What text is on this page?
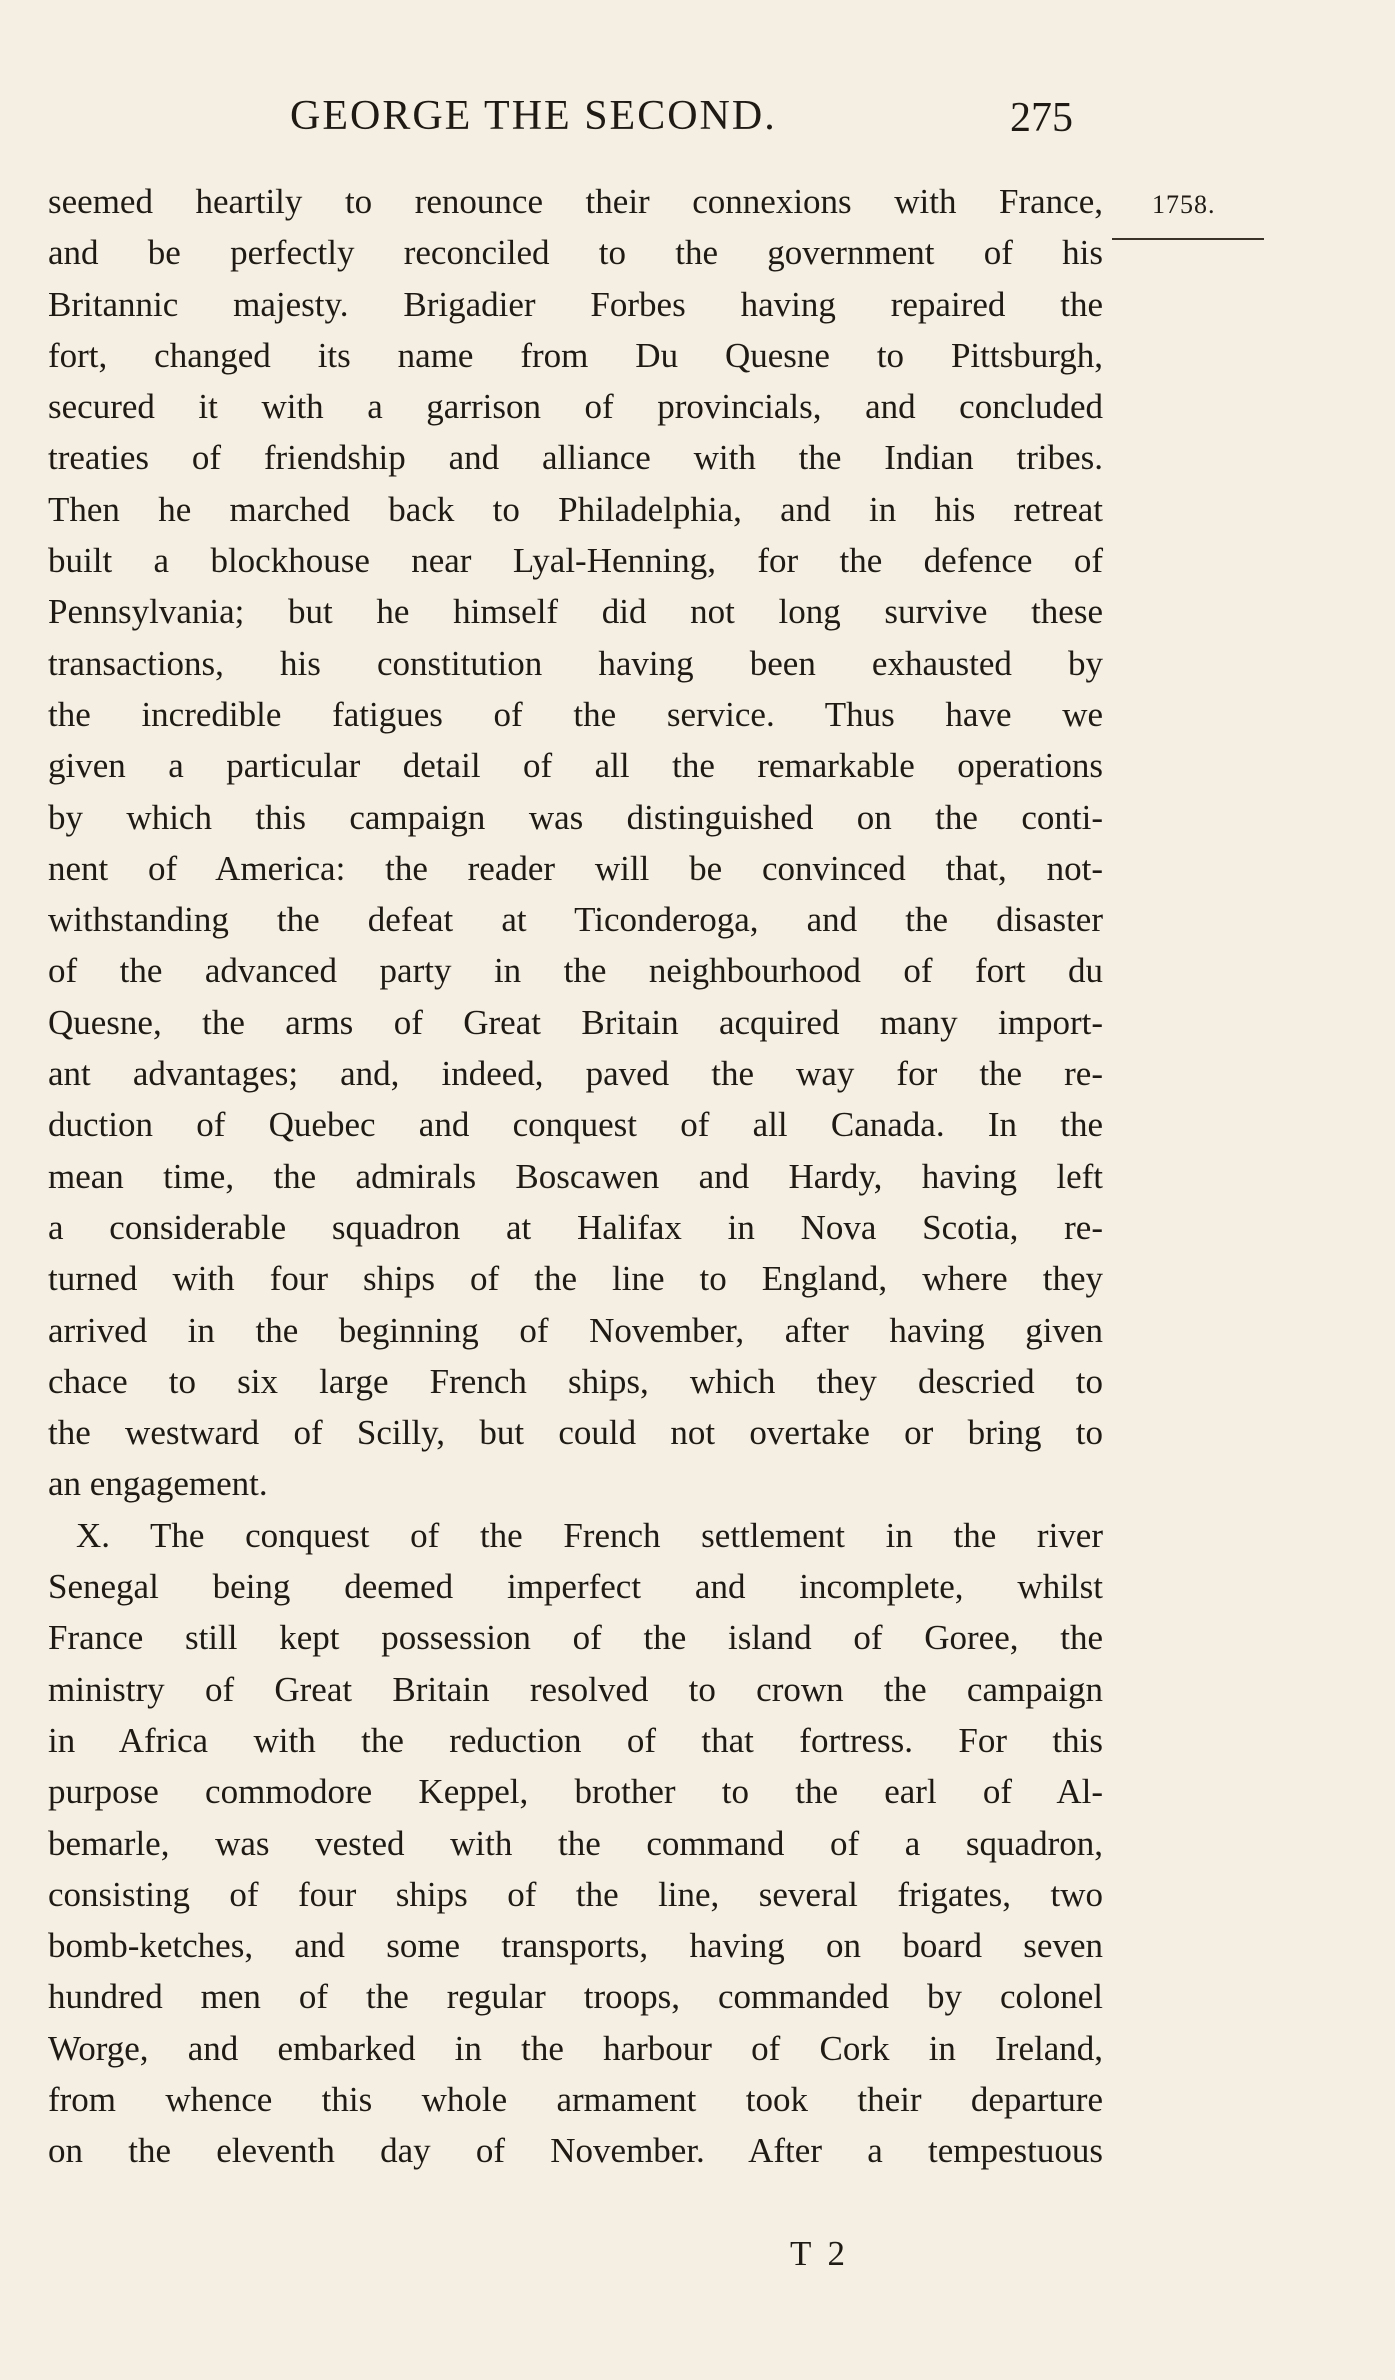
GEORGE THE SECOND.	275
1758.
seemed heartily to renounce their connexions with France,
and be perfectly reconciled to the government of his
Britannic majesty. Brigadier Forbes having repaired the
fort, changed its name from Du Quesne to Pittsburgh,
secured it with a garrison of provincials, and concluded
treaties of friendship and alliance with the Indian tribes.
Then he marched back to Philadelphia, and in his retreat
built a blockhouse near Lyal-Henning, for the defence of
Pennsylvania; but he himself did not long survive these
transactions, his constitution having been exhausted by
the incredible fatigues of the service. Thus have we
given a particular detail of all the remarkable operations
by which this campaign was distinguished on the conti-
nent of America: the reader will be convinced that, not-
withstanding the defeat at Ticonderoga, and the disaster
of the advanced party in the neighbourhood of fort du
Quesne, the arms of Great Britain acquired many import-
ant advantages; and, indeed, paved the way for the re-
duction of Quebec and conquest of all Canada. In the
mean time, the admirals Boscawen and Hardy, having left
a considerable squadron at Halifax in Nova Scotia, re-
turned with four ships of the line to England, where they
arrived in the beginning of November, after having given
chace to six large French ships, which they descried to
the westward of Scilly, but could not overtake or bring to
an engagement.
X. The conquest of the French settlement in the river
Senegal being deemed imperfect and incomplete, whilst
France still kept possession of the island of Goree, the
ministry of Great Britain resolved to crown the campaign
in Africa with the reduction of that fortress. For this
purpose commodore Keppel, brother to the earl of Al-
bemarle, was vested with the command of a squadron,
consisting of four ships of the line, several frigates, two
bomb-ketches, and some transports, having on board seven
hundred men of the regular troops, commanded by colonel
Worge, and embarked in the harbour of Cork in Ireland,
from whence this whole armament took their departure
on the eleventh day of November. After a tempestuous
T 2
